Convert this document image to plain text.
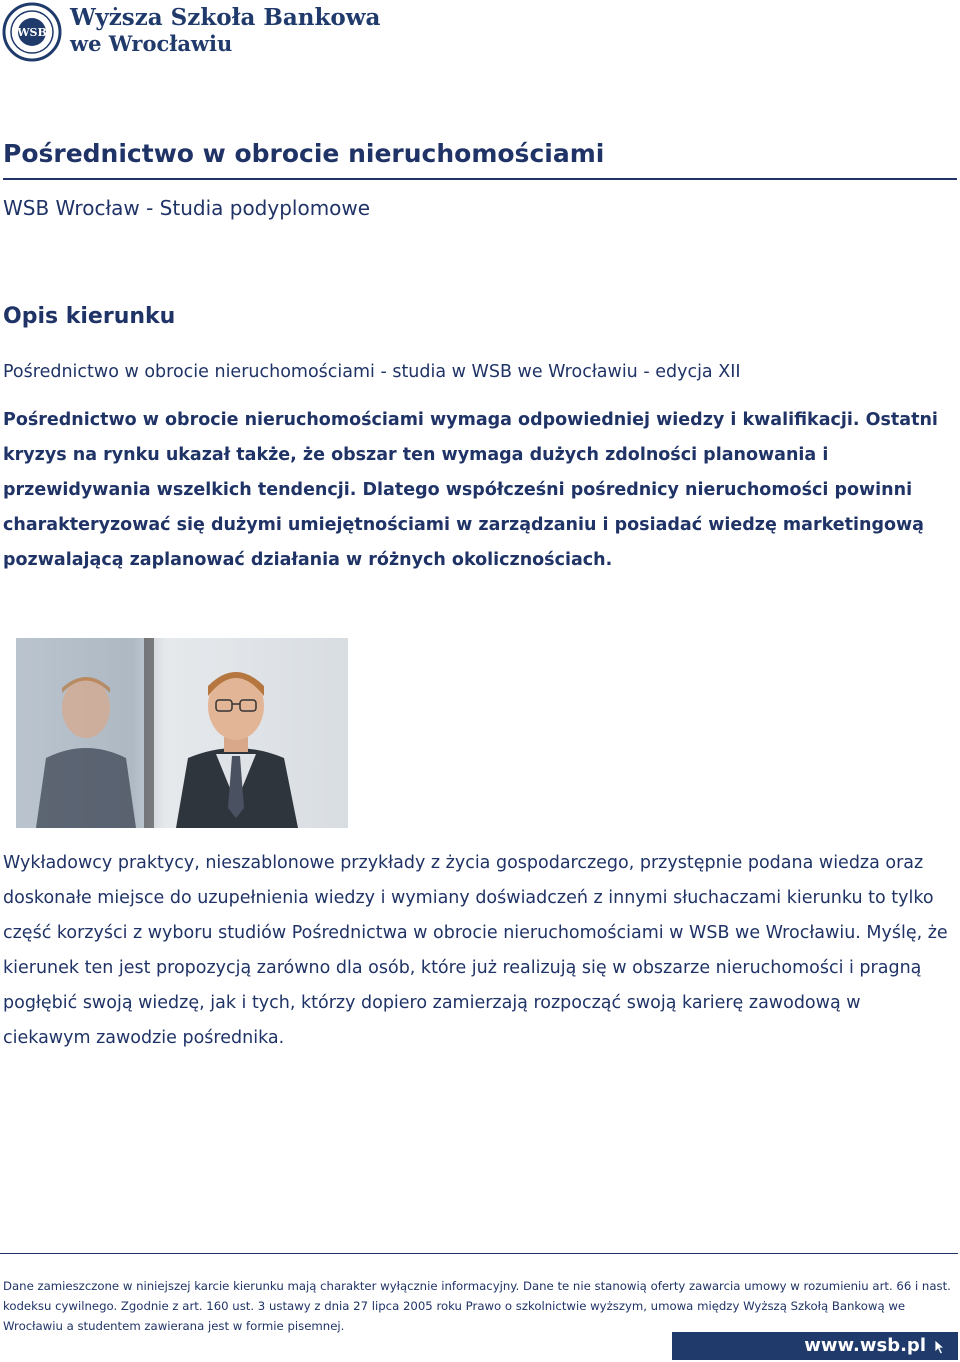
WSB
Wyższa Szkoła Bankowa
we Wrocławiu
Pośrednictwo w obrocie nieruchomościami

WSB Wrocław - Studia podyplomowe

Opis kierunku

Pośrednictwo w obrocie nieruchomościami - studia w WSB we Wrocławiu - edycja XII

Pośrednictwo w obrocie nieruchomościami wymaga odpowiedniej wiedzy i kwalifikacji. Ostatni kryzys na rynku ukazał także, że obszar ten wymaga dużych zdolności planowania i przewidywania wszelkich tendencji. Dlatego współcześni pośrednicy nieruchomości powinni charakteryzować się dużymi umiejętnościami w zarządzaniu i posiadać wiedzę marketingową pozwalającą zaplanować działania w różnych okolicznościach.

Wykładowcy praktycy, nieszablonowe przykłady z życia gospodarczego, przystępnie podana wiedza oraz doskonałe miejsce do uzupełnienia wiedzy i wymiany doświadczeń z innymi słuchaczami kierunku to tylko część korzyści z wyboru studiów Pośrednictwa w obrocie nieruchomościami w WSB we Wrocławiu. Myślę, że kierunek ten jest propozycją zarówno dla osób, które już realizują się w obszarze nieruchomości i pragną pogłębić swoją wiedzę, jak i tych, którzy dopiero zamierzają rozpocząć swoją karierę zawodową w ciekawym zawodzie pośrednika.

Dane zamieszczone w niniejszej karcie kierunku mają charakter wyłącznie informacyjny. Dane te nie stanowią oferty zawarcia umowy w rozumieniu art. 66 i nast. kodeksu cywilnego. Zgodnie z art. 160 ust. 3 ustawy z dnia 27 lipca 2005 roku Prawo o szkolnictwie wyższym, umowa między Wyższą Szkołą Bankową we Wrocławiu a studentem zawierana jest w formie pisemnej.

www.wsb.pl
